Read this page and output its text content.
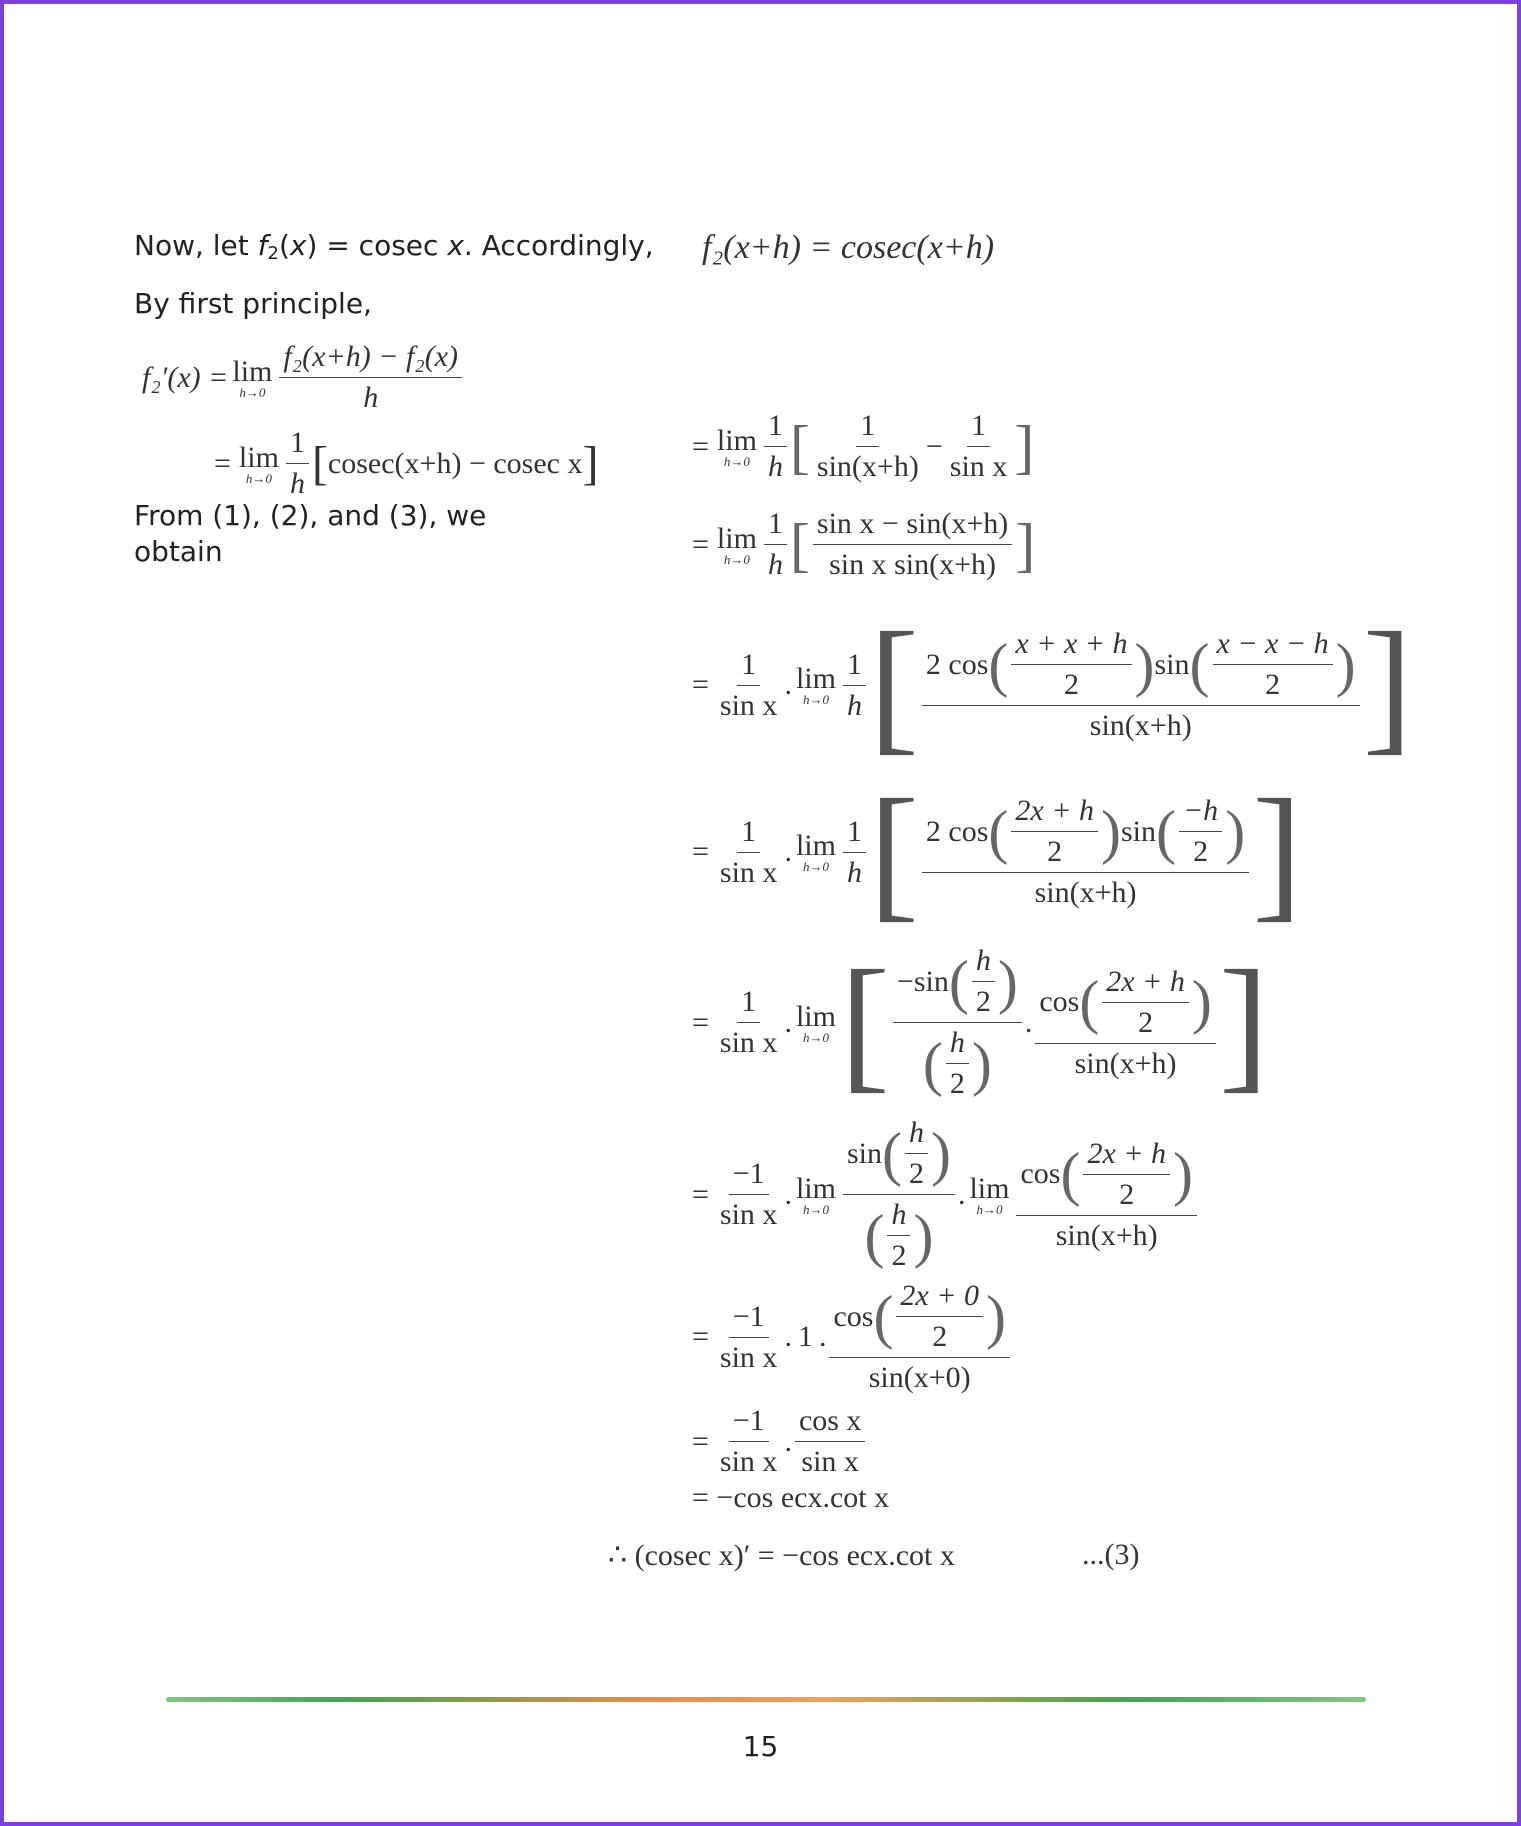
Now, let f2(x) = cosec x. Accordingly, f₂(x+h) = cosec(x+h)
By first principle,
f₂′(x) = lim
$h\to 0 \frac{\text{f₂(x+h) − f₂(x)}}{h}$
= lim
$h\to 0 \frac{1}{h}$ [ cosec(x+h) − cosec x ]
From (1), (2), and (3), we
obtain
= lim
$h\to 0 \frac{1}{h}$ [ $\frac{1}{\sin(x+h)} - \frac{1}{\text{sin x}}$ ]
= lim
$h\to 0 \frac{1}{h}$ [ $\frac{\text{sin x − sin(x+h)}}{\text{sin x sin(x+h)}}$ ]
= $\frac{1}{\text{sin x}}$ . lim
$h\to 0 \frac{1}{h}$ [ 2 cos ( $\frac{x + x + h}{2}$ ) sin ( $\frac{x - x - h}{2}$ )
sin(x+h) ]
= $\frac{1}{\text{sin x}}$ . lim
$h\to 0 \frac{1}{h}$ [ 2 cos ( $\frac{2x + h}{2}$ ) sin ( $\frac{-h}{2}$ )
sin(x+h) ]
= $\frac{1}{\text{sin x}}$ . lim
h→0 [ $\frac{-\sin ( \frac{h}{2} )}{( \frac{h}{2} )}$ . $\frac{\cos ( \frac{2x + h}{2} )}{\sin(x+h)}$ ]
= $\frac{-1}{\text{sin x}}$ . lim
$h\to 0 \frac{\sin ( \frac{h}{2} )}{( \frac{h}{2} )}$ . lim
$h\to 0 \frac{\cos ( \frac{2x + h}{2} )}{\sin(x+h)}$
= $\frac{-1}{\text{sin x}}$ . 1 . $\frac{\cos ( \frac{2x + 0}{2} )}{\sin(x+0)}$
= $\frac{-1}{\text{sin x}}$ . $\frac{\text{cos x}}{\text{sin x}}$
= −cos ecx.cot x
∴ (cosec x)′ = −cos ecx.cot x	...(3)
15
